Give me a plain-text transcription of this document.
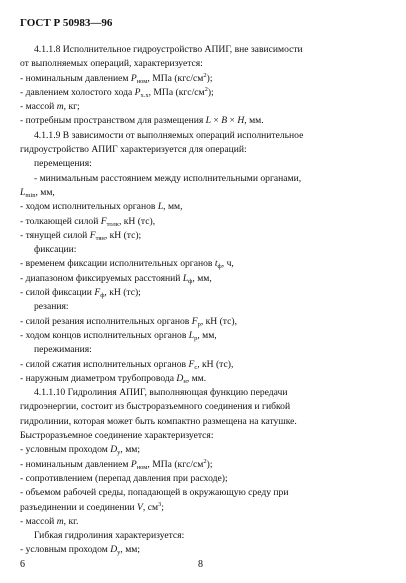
ГОСТ Р 50983—96
4.1.1.8 Исполнительное гидроустройство АПИГ, вне зависимости
от выполняемых операций, характеризуется:
- номинальным давлением $P_{ном}$, МПа $(кгс/см^2)$;
- давлением холостого хода $P_{х.х}$, МПа $(кгс/см^2)$;
- массой m, кг;
- потребным пространством для размещения L × B × H, мм.
4.1.1.9 В зависимости от выполняемых операций исполнительное
гидроустройство АПИГ характеризуется для операций:
перемещения:
- минимальным расстоянием между исполнительными органами,
$L_{min}$, мм,
- ходом исполнительных органов L, мм,
- толкающей силой $F_{толк}$, кН (тс),
- тянущей силой $F_{тян}$, кН (тс);
фиксации:
- временем фиксации исполнительных органов $t_ф$, ч,
- диапазоном фиксируемых расстояний $L_ф$, мм,
- силой фиксации $F_ф$, кН (тс);
резания:
- силой резания исполнительных органов $F_р$, кН (тс),
- ходом концов исполнительных органов $L_р$, мм,
пережимания:
- силой сжатия исполнительных органов $F_с$, кН (тс),
- наружным диаметром трубопровода $D_н$, мм.
4.1.1.10 Гидролиния АПИГ, выполняющая функцию передачи
гидроэнергии, состоит из быстроразъемного соединения и гибкой
гидролинии, которая может быть компактно размещена на катушке.
Быстроразъемное соединение характеризуется:
- условным проходом $D_у$, мм;
- номинальным давлением $P_{ном}$, МПа $(кгс/см^2)$;
- сопротивлением (перепад давления при расходе);
- объемом рабочей среды, попадающей в окружающую среду при
разъединении и соединении V, $см^3$;
- массой m, кг.
Гибкая гидролиния характеризуется:
- условным проходом $D_у$, мм;
6	8
